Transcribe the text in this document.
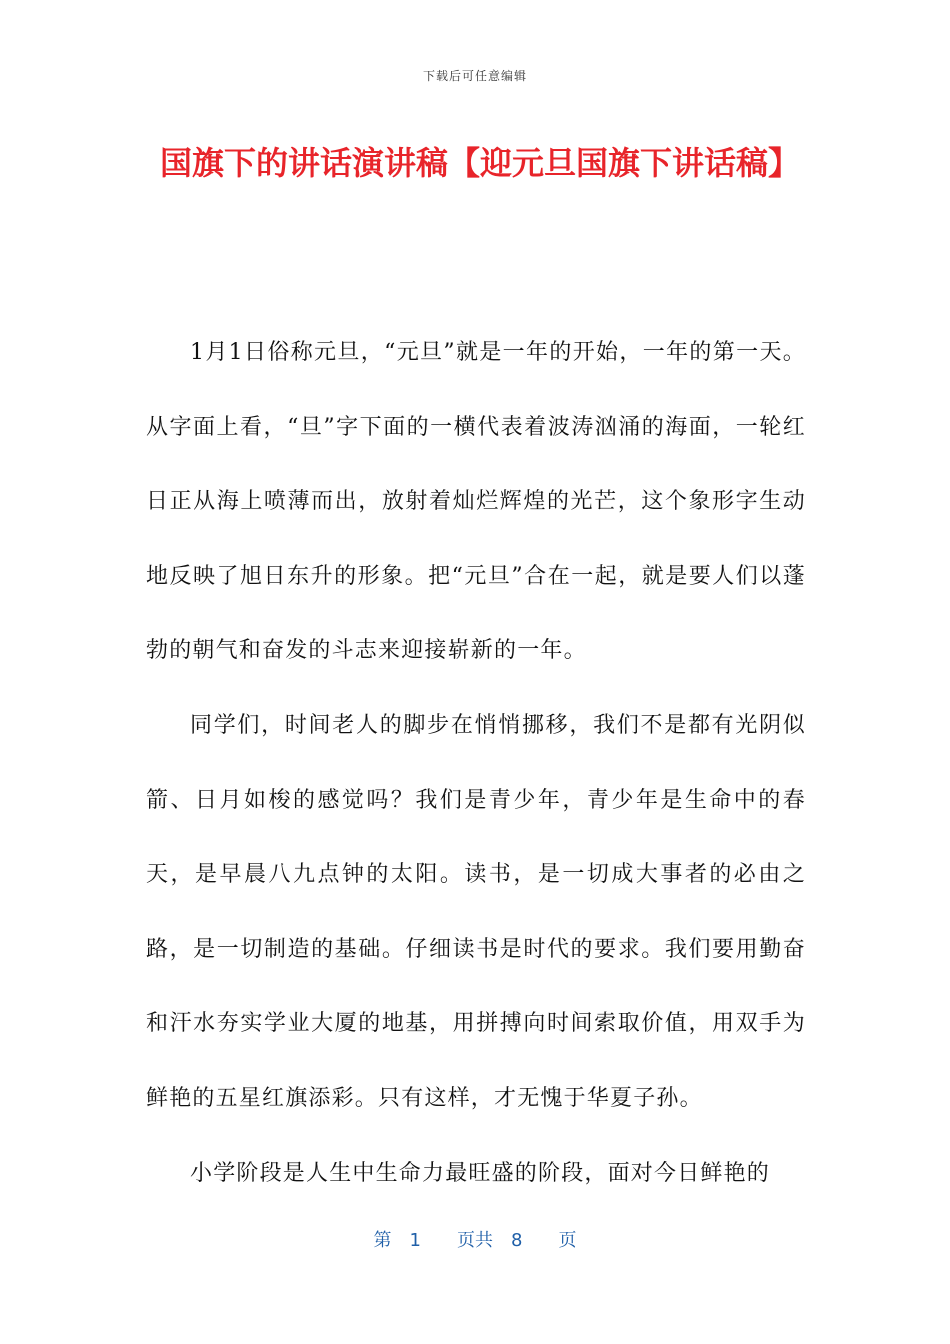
下载后可任意编辑
国旗下的讲话演讲稿【迎元旦国旗下讲话稿】

1月1日俗称元旦，“元旦”就是一年的开始，一年的第一天。从字面上看，“旦”字下面的一横代表着波涛汹涌的海面，一轮红日正从海上喷薄而出，放射着灿烂辉煌的光芒，这个象形字生动地反映了旭日东升的形象。把“元旦”合在一起，就是要人们以蓬勃的朝气和奋发的斗志来迎接崭新的一年。

同学们，时间老人的脚步在悄悄挪移，我们不是都有光阴似箭、日月如梭的感觉吗？我们是青少年，青少年是生命中的春天，是早晨八九点钟的太阳。读书，是一切成大事者的必由之路，是一切制造的基础。仔细读书是时代的要求。我们要用勤奋和汗水夯实学业大厦的地基，用拼搏向时间索取价值，用双手为鲜艳的五星红旗添彩。只有这样，才无愧于华夏子孙。

小学阶段是人生中生命力最旺盛的阶段，面对今日鲜艳的

第 1 页共 8 页
